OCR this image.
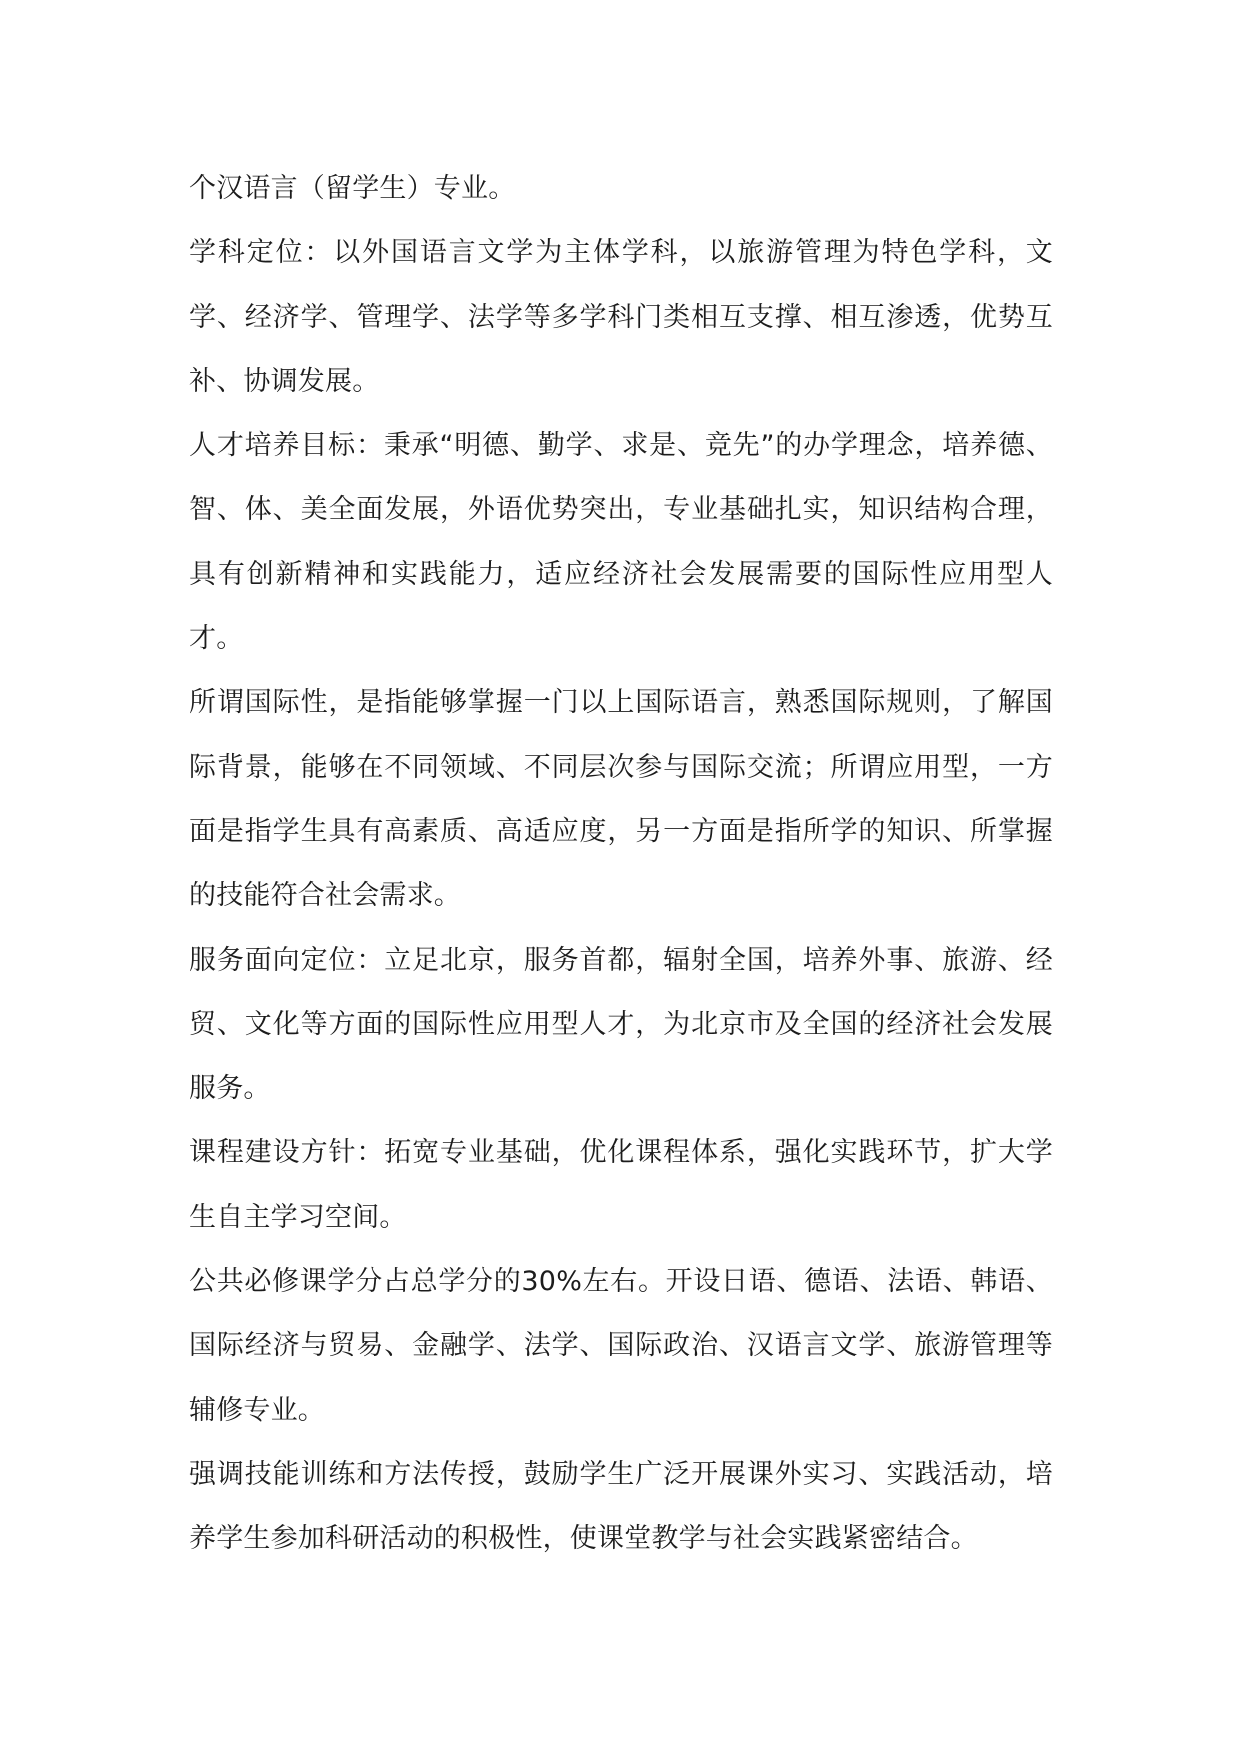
个汉语言（留学生）专业。

学科定位：以外国语言文学为主体学科，以旅游管理为特色学科，文学、经济学、管理学、法学等多学科门类相互支撑、相互渗透，优势互补、协调发展。

人才培养目标：秉承“明德、勤学、求是、竞先”的办学理念，培养德、智、体、美全面发展，外语优势突出，专业基础扎实，知识结构合理，具有创新精神和实践能力，适应经济社会发展需要的国际性应用型人才。

所谓国际性，是指能够掌握一门以上国际语言，熟悉国际规则，了解国际背景，能够在不同领域、不同层次参与国际交流；所谓应用型，一方面是指学生具有高素质、高适应度，另一方面是指所学的知识、所掌握的技能符合社会需求。

服务面向定位：立足北京，服务首都，辐射全国，培养外事、旅游、经贸、文化等方面的国际性应用型人才，为北京市及全国的经济社会发展服务。

课程建设方针：拓宽专业基础，优化课程体系，强化实践环节，扩大学生自主学习空间。

公共必修课学分占总学分的30%左右。开设日语、德语、法语、韩语、国际经济与贸易、金融学、法学、国际政治、汉语言文学、旅游管理等辅修专业。

强调技能训练和方法传授，鼓励学生广泛开展课外实习、实践活动，培养学生参加科研活动的积极性，使课堂教学与社会实践紧密结合。
